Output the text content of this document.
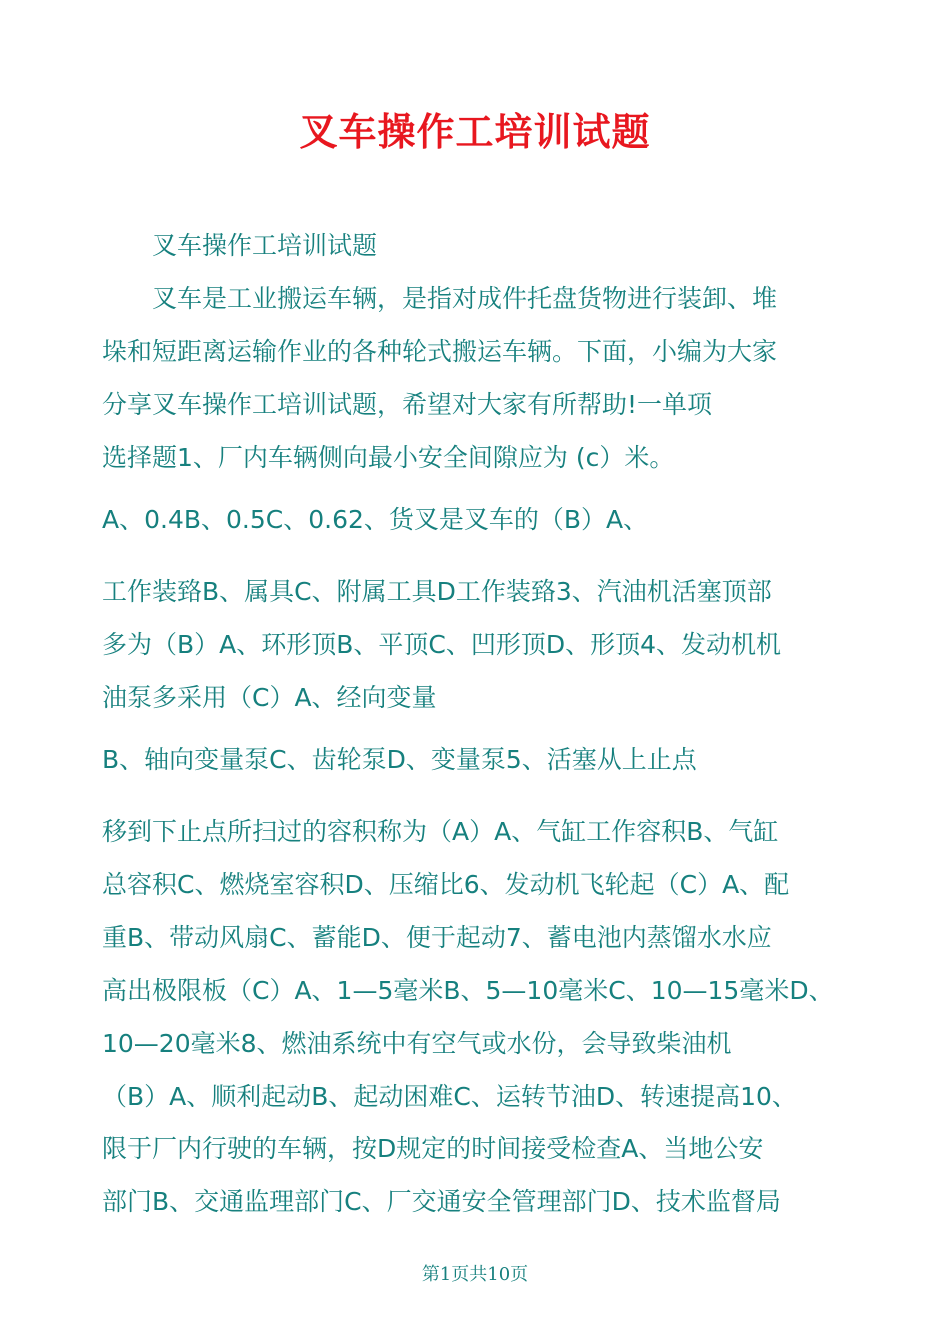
叉车操作工培训试题
叉车操作工培训试题
叉车是工业搬运车辆，是指对成件托盘货物进行装卸、堆
垛和短距离运输作业的各种轮式搬运车辆。下面，小编为大家
分享叉车操作工培训试题，希望对大家有所帮助!一单项
选择题1、厂内车辆侧向最小安全间隙应为 (c）米。
A、0.4B、0.5C、0.62、货叉是叉车的（B）A、
工作装臵B、属具C、附属工具D工作装臵3、汽油机活塞顶部
多为（B）A、环形顶B、平顶C、凹形顶D、形顶4、发动机机
油泵多采用（C）A、经向变量
B、轴向变量泵C、齿轮泵D、变量泵5、活塞从上止点
移到下止点所扫过的容积称为（A）A、气缸工作容积B、气缸
总容积C、燃烧室容积D、压缩比6、发动机飞轮起（C）A、配
重B、带动风扇C、蓄能D、便于起动7、蓄电池内蒸馏水水应
高出极限板（C）A、1—5毫米B、5—10毫米C、10—15毫米D、
10—20毫米8、燃油系统中有空气或水份，会导致柴油机
（B）A、顺利起动B、起动困难C、运转节油D、转速提高10、
限于厂内行驶的车辆，按D规定的时间接受检查A、当地公安
部门B、交通监理部门C、厂交通安全管理部门D、技术监督局
第1页共10页
